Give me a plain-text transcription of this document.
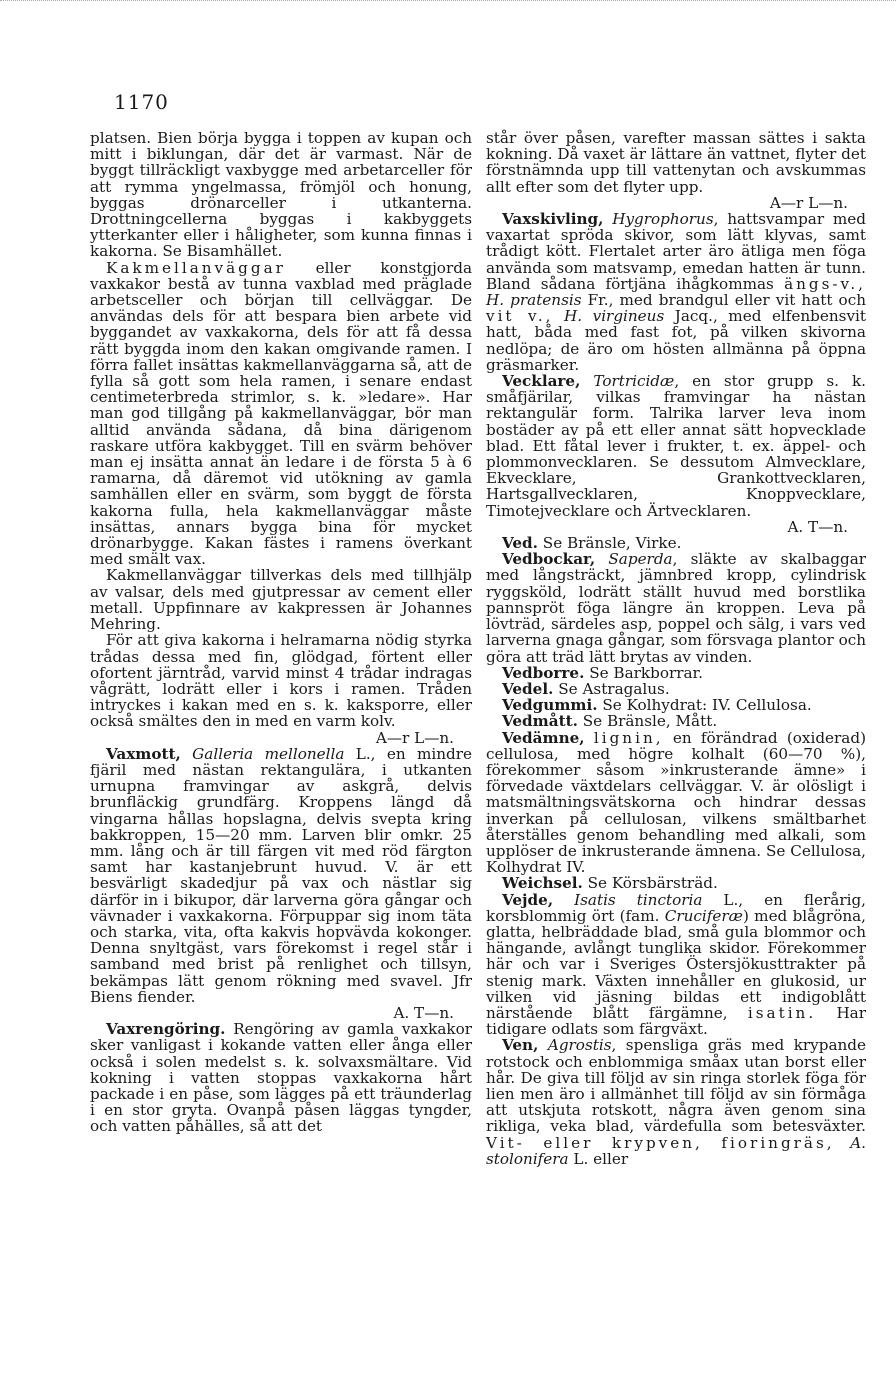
1170

platsen. Bien börja bygga i toppen av kupan och mitt i biklungan, där det är varmast. När de byggt tillräckligt vaxbygge med arbetarceller för att rymma yngelmassa, frömjöl och honung, byggas drönarceller i utkanterna. Drottningcellerna byggas i kakbyggets ytterkanter eller i håligheter, som kunna finnas i kakorna. Se Bisamhället.

Kakmellanväggar eller konstgjorda vaxkakor bestå av tunna vaxblad med präglade arbetsceller och början till cellväggar. De användas dels för att bespara bien arbete vid byggandet av vaxkakorna, dels för att få dessa rätt byggda inom den kakan omgivande ramen. I förra fallet insättas kakmellanväggarna så, att de fylla så gott som hela ramen, i senare endast centimeterbreda strimlor, s. k. »ledare». Har man god tillgång på kakmellanväggar, bör man alltid använda sådana, då bina därigenom raskare utföra kakbygget. Till en svärm behöver man ej insätta annat än ledare i de första 5 à 6 ramarna, då däremot vid utökning av gamla samhällen eller en svärm, som byggt de första kakorna fulla, hela kakmellanväggar måste insättas, annars bygga bina för mycket drönarbygge. Kakan fästes i ramens överkant med smält vax.

Kakmellanväggar tillverkas dels med tillhjälp av valsar, dels med gjutpressar av cement eller metall. Uppfinnare av kakpressen är Johannes Mehring.

För att giva kakorna i helramarna nödig styrka trådas dessa med fin, glödgad, förtent eller ofortent järntråd, varvid minst 4 trådar indragas vågrätt, lodrätt eller i kors i ramen. Tråden intryckes i kakan med en s. k. kaksporre, eller också smältes den in med en varm kolv.

A—r L—n.

Vaxmott, Galleria mellonella L., en mindre fjäril med nästan rektangulära, i utkanten urnupna framvingar av askgrå, delvis brunfläckig grundfärg. Kroppens längd då vingarna hållas hopslagna, delvis svepta kring bakkroppen, 15—20 mm. Larven blir omkr. 25 mm. lång och är till färgen vit med röd färgton samt har kastanjebrunt huvud. V. är ett besvärligt skadedjur på vax och nästlar sig därför in i bikupor, där larverna göra gångar och vävnader i vaxkakorna. Förpuppar sig inom täta och starka, vita, ofta kakvis hopvävda kokonger. Denna snyltgäst, vars förekomst i regel står i samband med brist på renlighet och tillsyn, bekämpas lätt genom rökning med svavel. Jfr Biens fiender.

A. T—n.

Vaxrengöring. Rengöring av gamla vaxkakor sker vanligast i kokande vatten eller ånga eller också i solen medelst s. k. solvaxsmältare. Vid kokning i vatten stoppas vaxkakorna hårt packade i en påse, som lägges på ett träunderlag i en stor gryta. Ovanpå påsen läggas tyngder, och vatten påhälles, så att det

står över påsen, varefter massan sättes i sakta kokning. Då vaxet är lättare än vattnet, flyter det förstnämnda upp till vattenytan och avskummas allt efter som det flyter upp.

A—r L—n.

Vaxskivling, Hygrophorus, hattsvampar med vaxartat spröda skivor, som lätt klyvas, samt trådigt kött. Flertalet arter äro ätliga men föga använda som matsvamp, emedan hatten är tunn. Bland sådana förtjäna ihågkommas ängs-v., H. pratensis Fr., med brandgul eller vit hatt och vit v., H. virgineus Jacq., med elfenbensvit hatt, båda med fast fot, på vilken skivorna nedlöpa; de äro om hösten allmänna på öppna gräsmarker.

Vecklare, Tortricidæ, en stor grupp s. k. småfjärilar, vilkas framvingar ha nästan rektangulär form. Talrika larver leva inom bostäder av på ett eller annat sätt hopvecklade blad. Ett fåtal lever i frukter, t. ex. äppel- och plommonvecklaren. Se dessutom Almvecklare, Ekvecklare, Grankottvecklaren, Hartsgallvecklaren, Knoppvecklare, Timotejvecklare och Ärtvecklaren.

A. T—n.

Ved. Se Bränsle, Virke.

Vedbockar, Saperda, släkte av skalbaggar med långsträckt, jämnbred kropp, cylindrisk ryggsköld, lodrätt ställt huvud med borstlika pannspröt föga längre än kroppen. Leva på lövträd, särdeles asp, poppel och sälg, i vars ved larverna gnaga gångar, som försvaga plantor och göra att träd lätt brytas av vinden.

Vedborre. Se Barkborrar.

Vedel. Se Astragalus.

Vedgummi. Se Kolhydrat: IV. Cellulosa.

Vedmått. Se Bränsle, Mått.

Vedämne, lignin, en förändrad (oxiderad) cellulosa, med högre kolhalt (60—70 %), förekommer såsom »inkrusterande ämne» i förvedade växtdelars cellväggar. V. är olösligt i matsmältningsvätskorna och hindrar dessas inverkan på cellulosan, vilkens smältbarhet återställes genom behandling med alkali, som upplöser de inkrusterande ämnena. Se Cellulosa, Kolhydrat IV.

Weichsel. Se Körsbärsträd.

Vejde, Isatis tinctoria L., en flerårig, korsblommig ört (fam. Cruciferæ) med blågröna, glatta, helbräddade blad, små gula blommor och hängande, avlångt tunglika skidor. Förekommer här och var i Sveriges Östersjökusttrakter på stenig mark. Växten innehåller en glukosid, ur vilken vid jäsning bildas ett indigoblått närstående blått färgämne, isatin. Har tidigare odlats som färgväxt.

Ven, Agrostis, spensliga gräs med krypande rotstock och enblommiga småax utan borst eller hår. De giva till följd av sin ringa storlek föga för lien men äro i allmänhet till följd av sin förmåga att utskjuta rotskott, några även genom sina rikliga, veka blad, värdefulla som betesväxter. Vit- eller krypven, fioringräs, A. stolonifera L. eller
